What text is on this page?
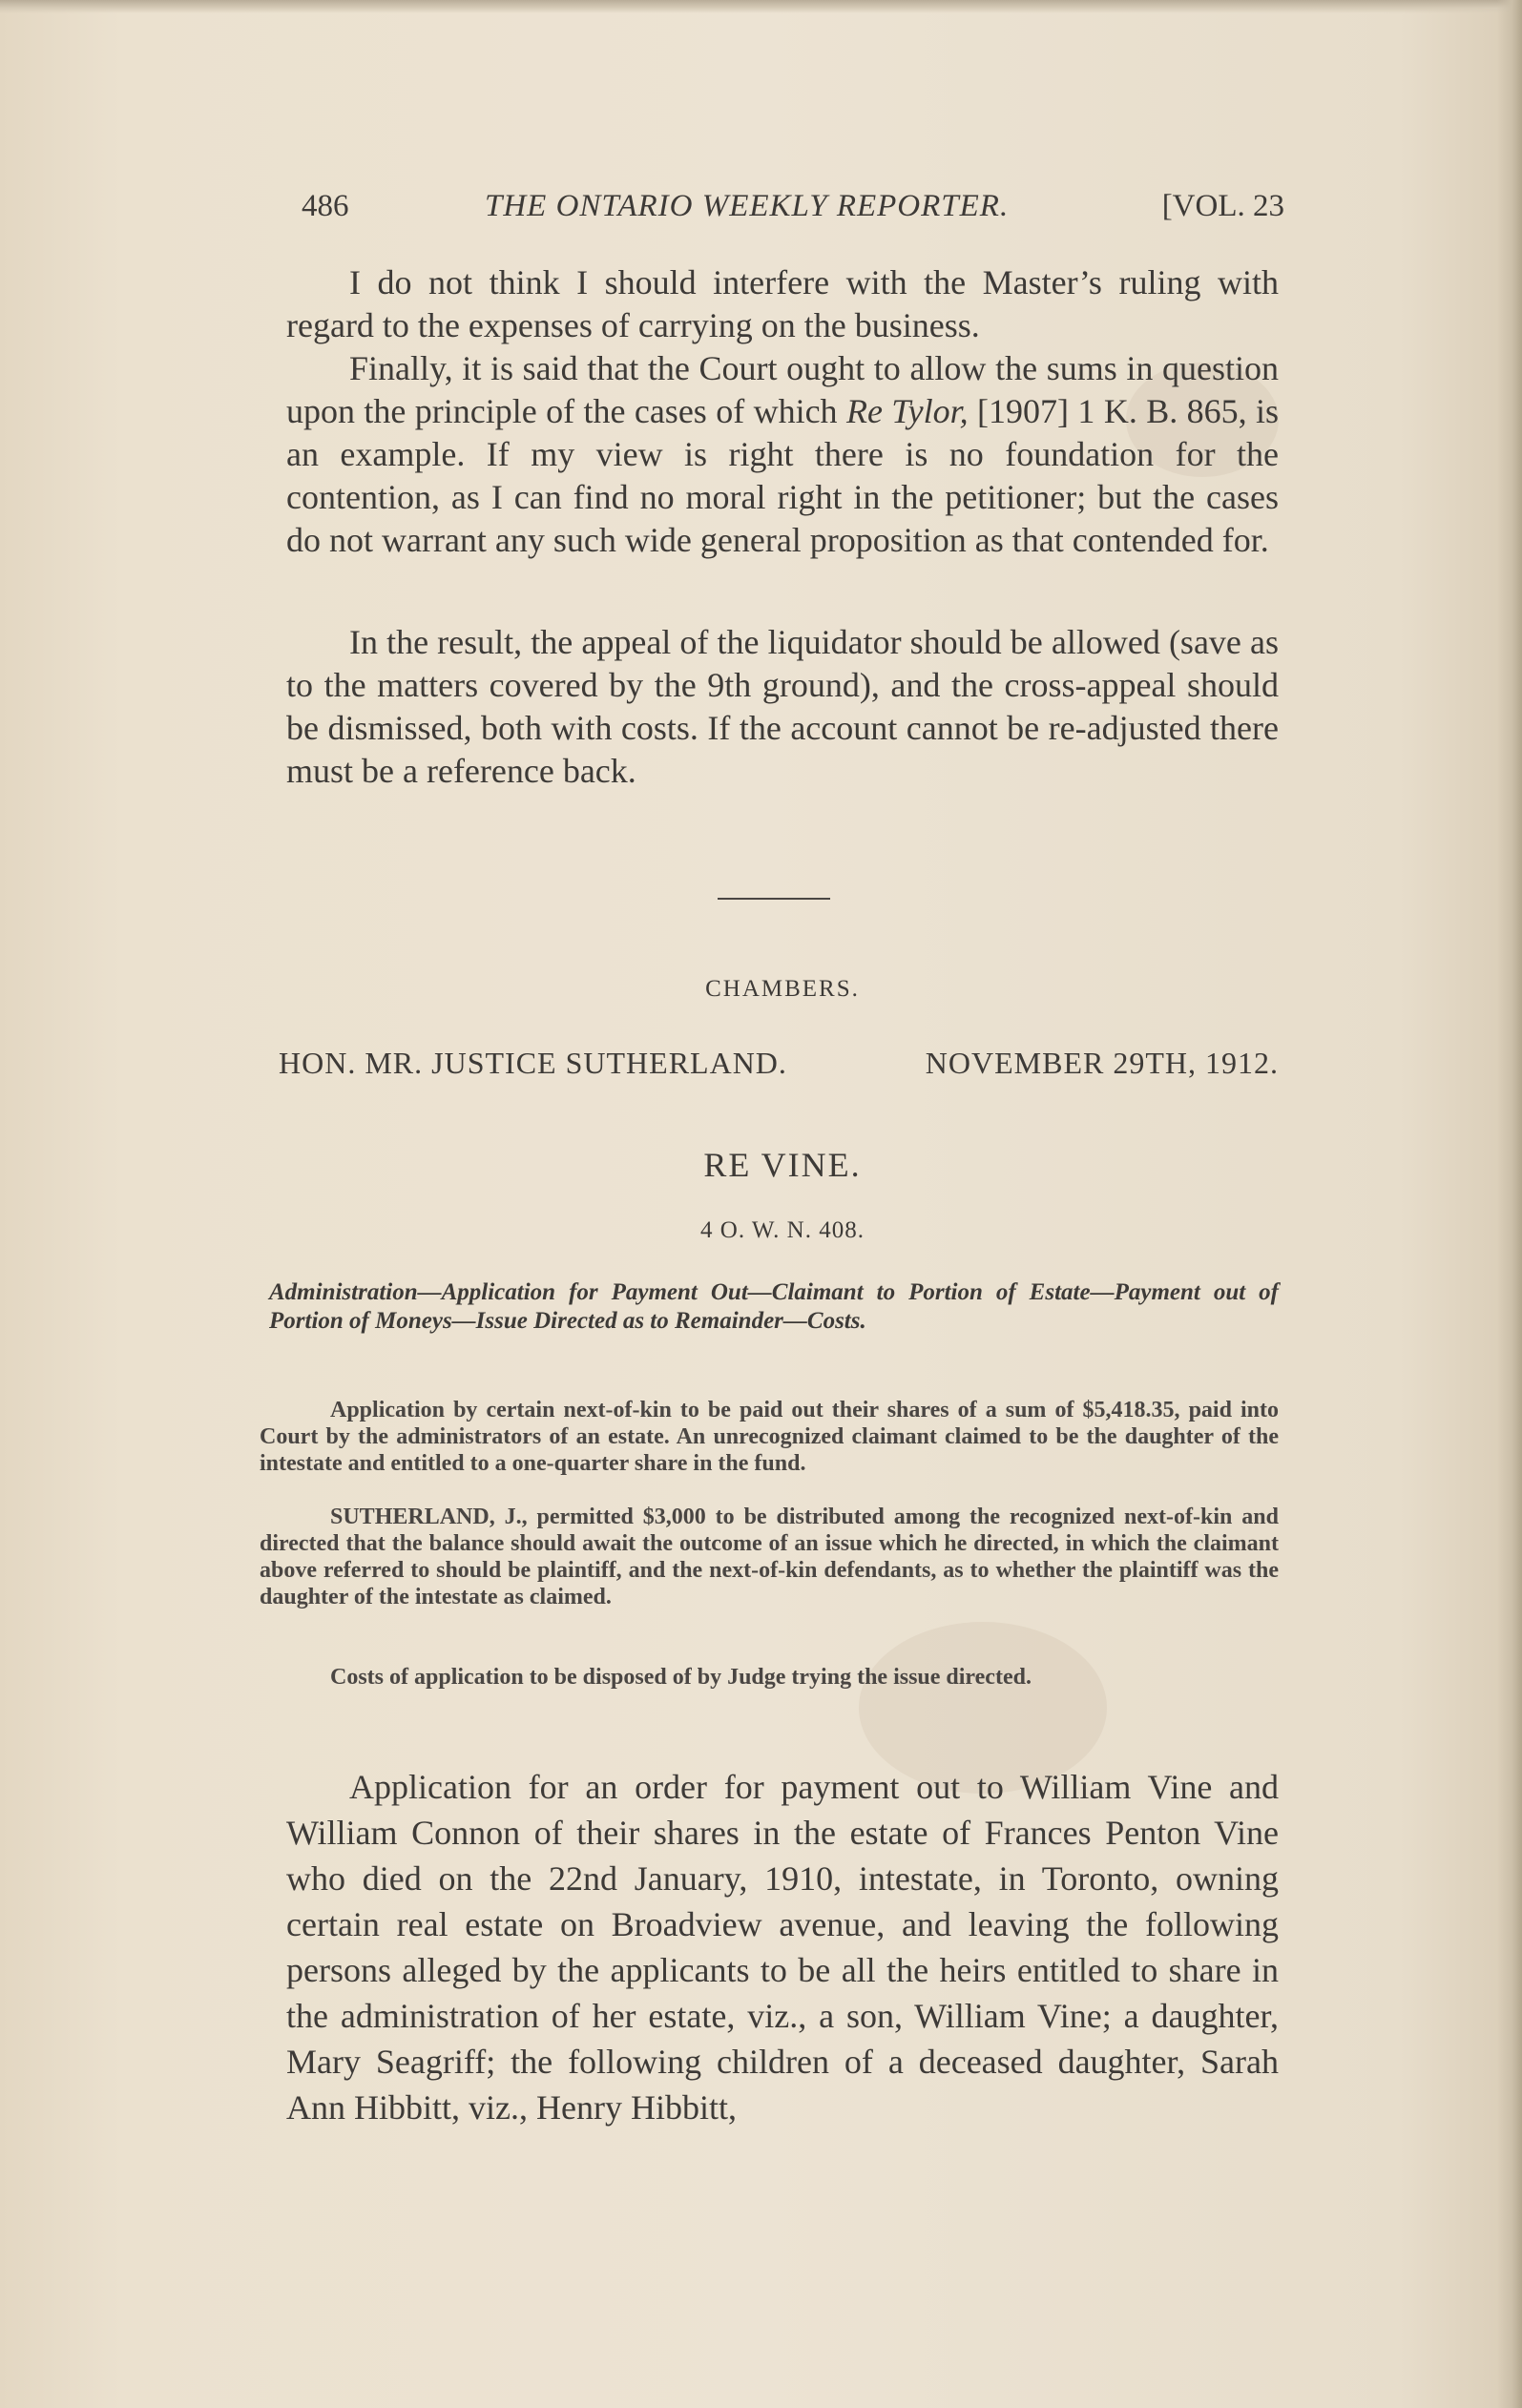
486	THE ONTARIO WEEKLY REPORTER.	[VOL. 23

I do not think I should interfere with the Master’s ruling with regard to the expenses of carrying on the business.

Finally, it is said that the Court ought to allow the sums in question upon the principle of the cases of which Re Tylor, [1907] 1 K. B. 865, is an example. If my view is right there is no foundation for the contention, as I can find no moral right in the petitioner; but the cases do not warrant any such wide general proposition as that contended for.

In the result, the appeal of the liquidator should be allowed (save as to the matters covered by the 9th ground), and the cross-appeal should be dismissed, both with costs. If the account cannot be re-adjusted there must be a reference back.

CHAMBERS.

HON. MR. JUSTICE SUTHERLAND.	NOVEMBER 29TH, 1912.

RE VINE.

4 O. W. N. 408.

Administration—Application for Payment Out—Claimant to Portion of Estate—Payment out of Portion of Moneys—Issue Directed as to Remainder—Costs.

Application by certain next-of-kin to be paid out their shares of a sum of $5,418.35, paid into Court by the administrators of an estate. An unrecognized claimant claimed to be the daughter of the intestate and entitled to a one-quarter share in the fund.

SUTHERLAND, J., permitted $3,000 to be distributed among the recognized next-of-kin and directed that the balance should await the outcome of an issue which he directed, in which the claimant above referred to should be plaintiff, and the next-of-kin defendants, as to whether the plaintiff was the daughter of the intestate as claimed.

Costs of application to be disposed of by Judge trying the issue directed.

Application for an order for payment out to William Vine and William Connon of their shares in the estate of Frances Penton Vine who died on the 22nd January, 1910, intestate, in Toronto, owning certain real estate on Broadview avenue, and leaving the following persons alleged by the applicants to be all the heirs entitled to share in the administration of her estate, viz., a son, William Vine; a daughter, Mary Seagriff; the following children of a deceased daughter, Sarah Ann Hibbitt, viz., Henry Hibbitt,
